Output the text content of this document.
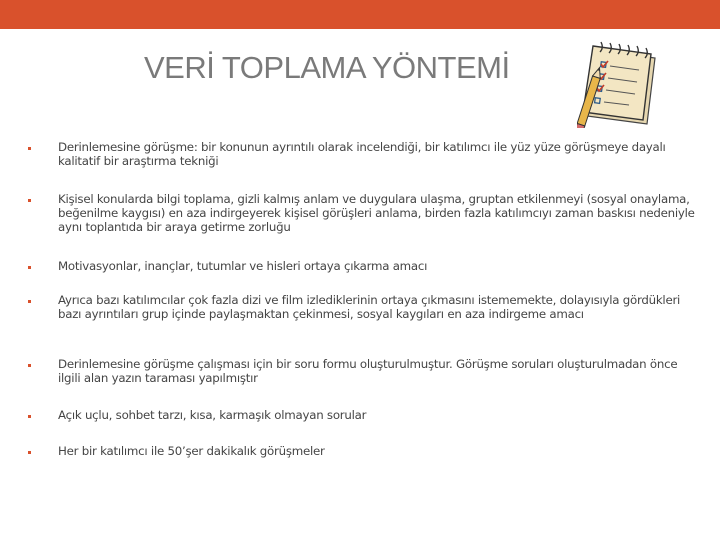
VERİ TOPLAMA YÖNTEMİ
Derinlemesine görüşme: bir konunun ayrıntılı olarak incelendiği, bir katılımcı ile yüz yüze görüşmeye dayalı kalitatif bir araştırma tekniği
Kişisel konularda bilgi toplama, gizli kalmış anlam ve duygulara ulaşma, gruptan etkilenmeyi (sosyal onaylama, beğenilme kaygısı) en aza indirgeyerek kişisel görüşleri anlama, birden fazla katılımcıyı zaman baskısı nedeniyle aynı toplantıda bir araya getirme zorluğu
Motivasyonlar, inançlar, tutumlar ve hisleri ortaya çıkarma amacı
Ayrıca bazı katılımcılar çok fazla dizi ve film izlediklerinin ortaya çıkmasını istememekte, dolayısıyla gördükleri bazı ayrıntıları grup içinde paylaşmaktan çekinmesi, sosyal kaygıları en aza indirgeme amacı
Derinlemesine görüşme çalışması için bir soru formu oluşturulmuştur. Görüşme soruları oluşturulmadan önce ilgili alan yazın taraması yapılmıştır
Açık uçlu, sohbet tarzı, kısa, karmaşık olmayan sorular
Her bir katılımcı ile 50’şer dakikalık görüşmeler
